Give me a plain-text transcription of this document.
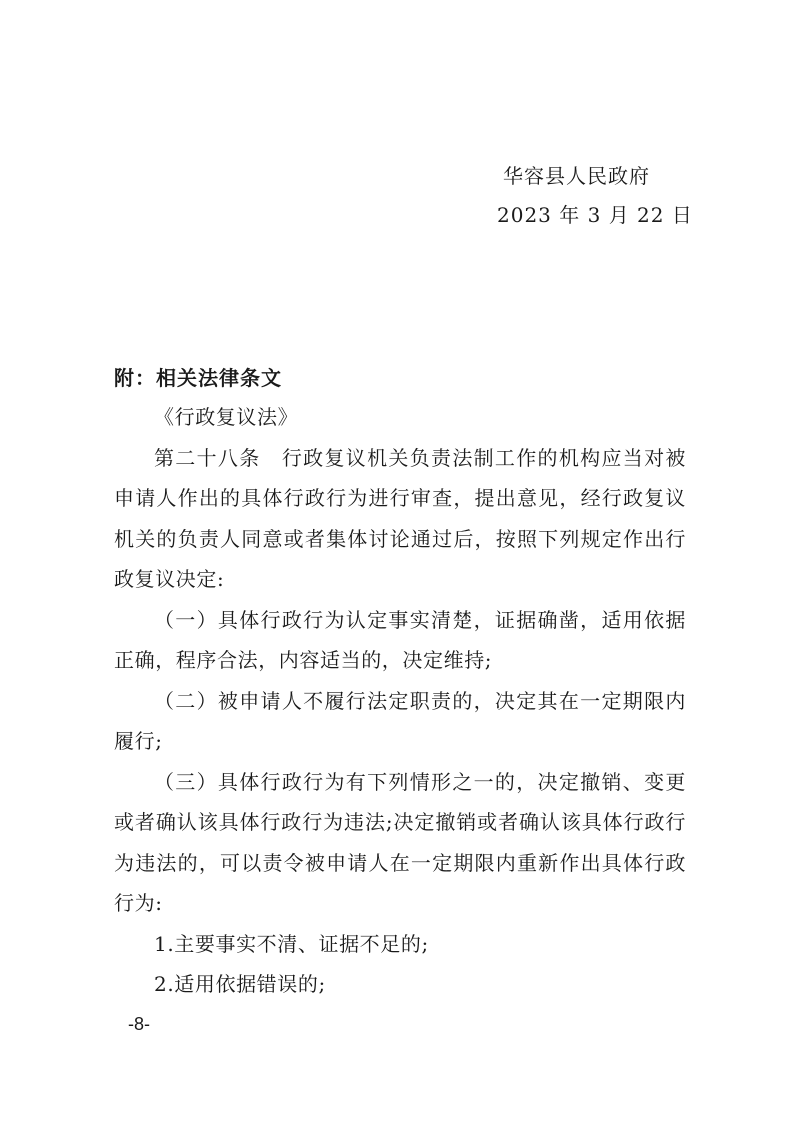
华容县人民政府
2023 年 3 月 22 日
附：相关法律条文

《行政复议法》

第二十八条　行政复议机关负责法制工作的机构应当对被申请人作出的具体行政行为进行审查，提出意见，经行政复议机关的负责人同意或者集体讨论通过后，按照下列规定作出行政复议决定:

（一）具体行政行为认定事实清楚，证据确凿，适用依据正确，程序合法，内容适当的，决定维持;

（二）被申请人不履行法定职责的，决定其在一定期限内履行;

（三）具体行政行为有下列情形之一的，决定撤销、变更或者确认该具体行政行为违法;决定撤销或者确认该具体行政行为违法的，可以责令被申请人在一定期限内重新作出具体行政行为:

1.主要事实不清、证据不足的;

2.适用依据错误的;

-8-
